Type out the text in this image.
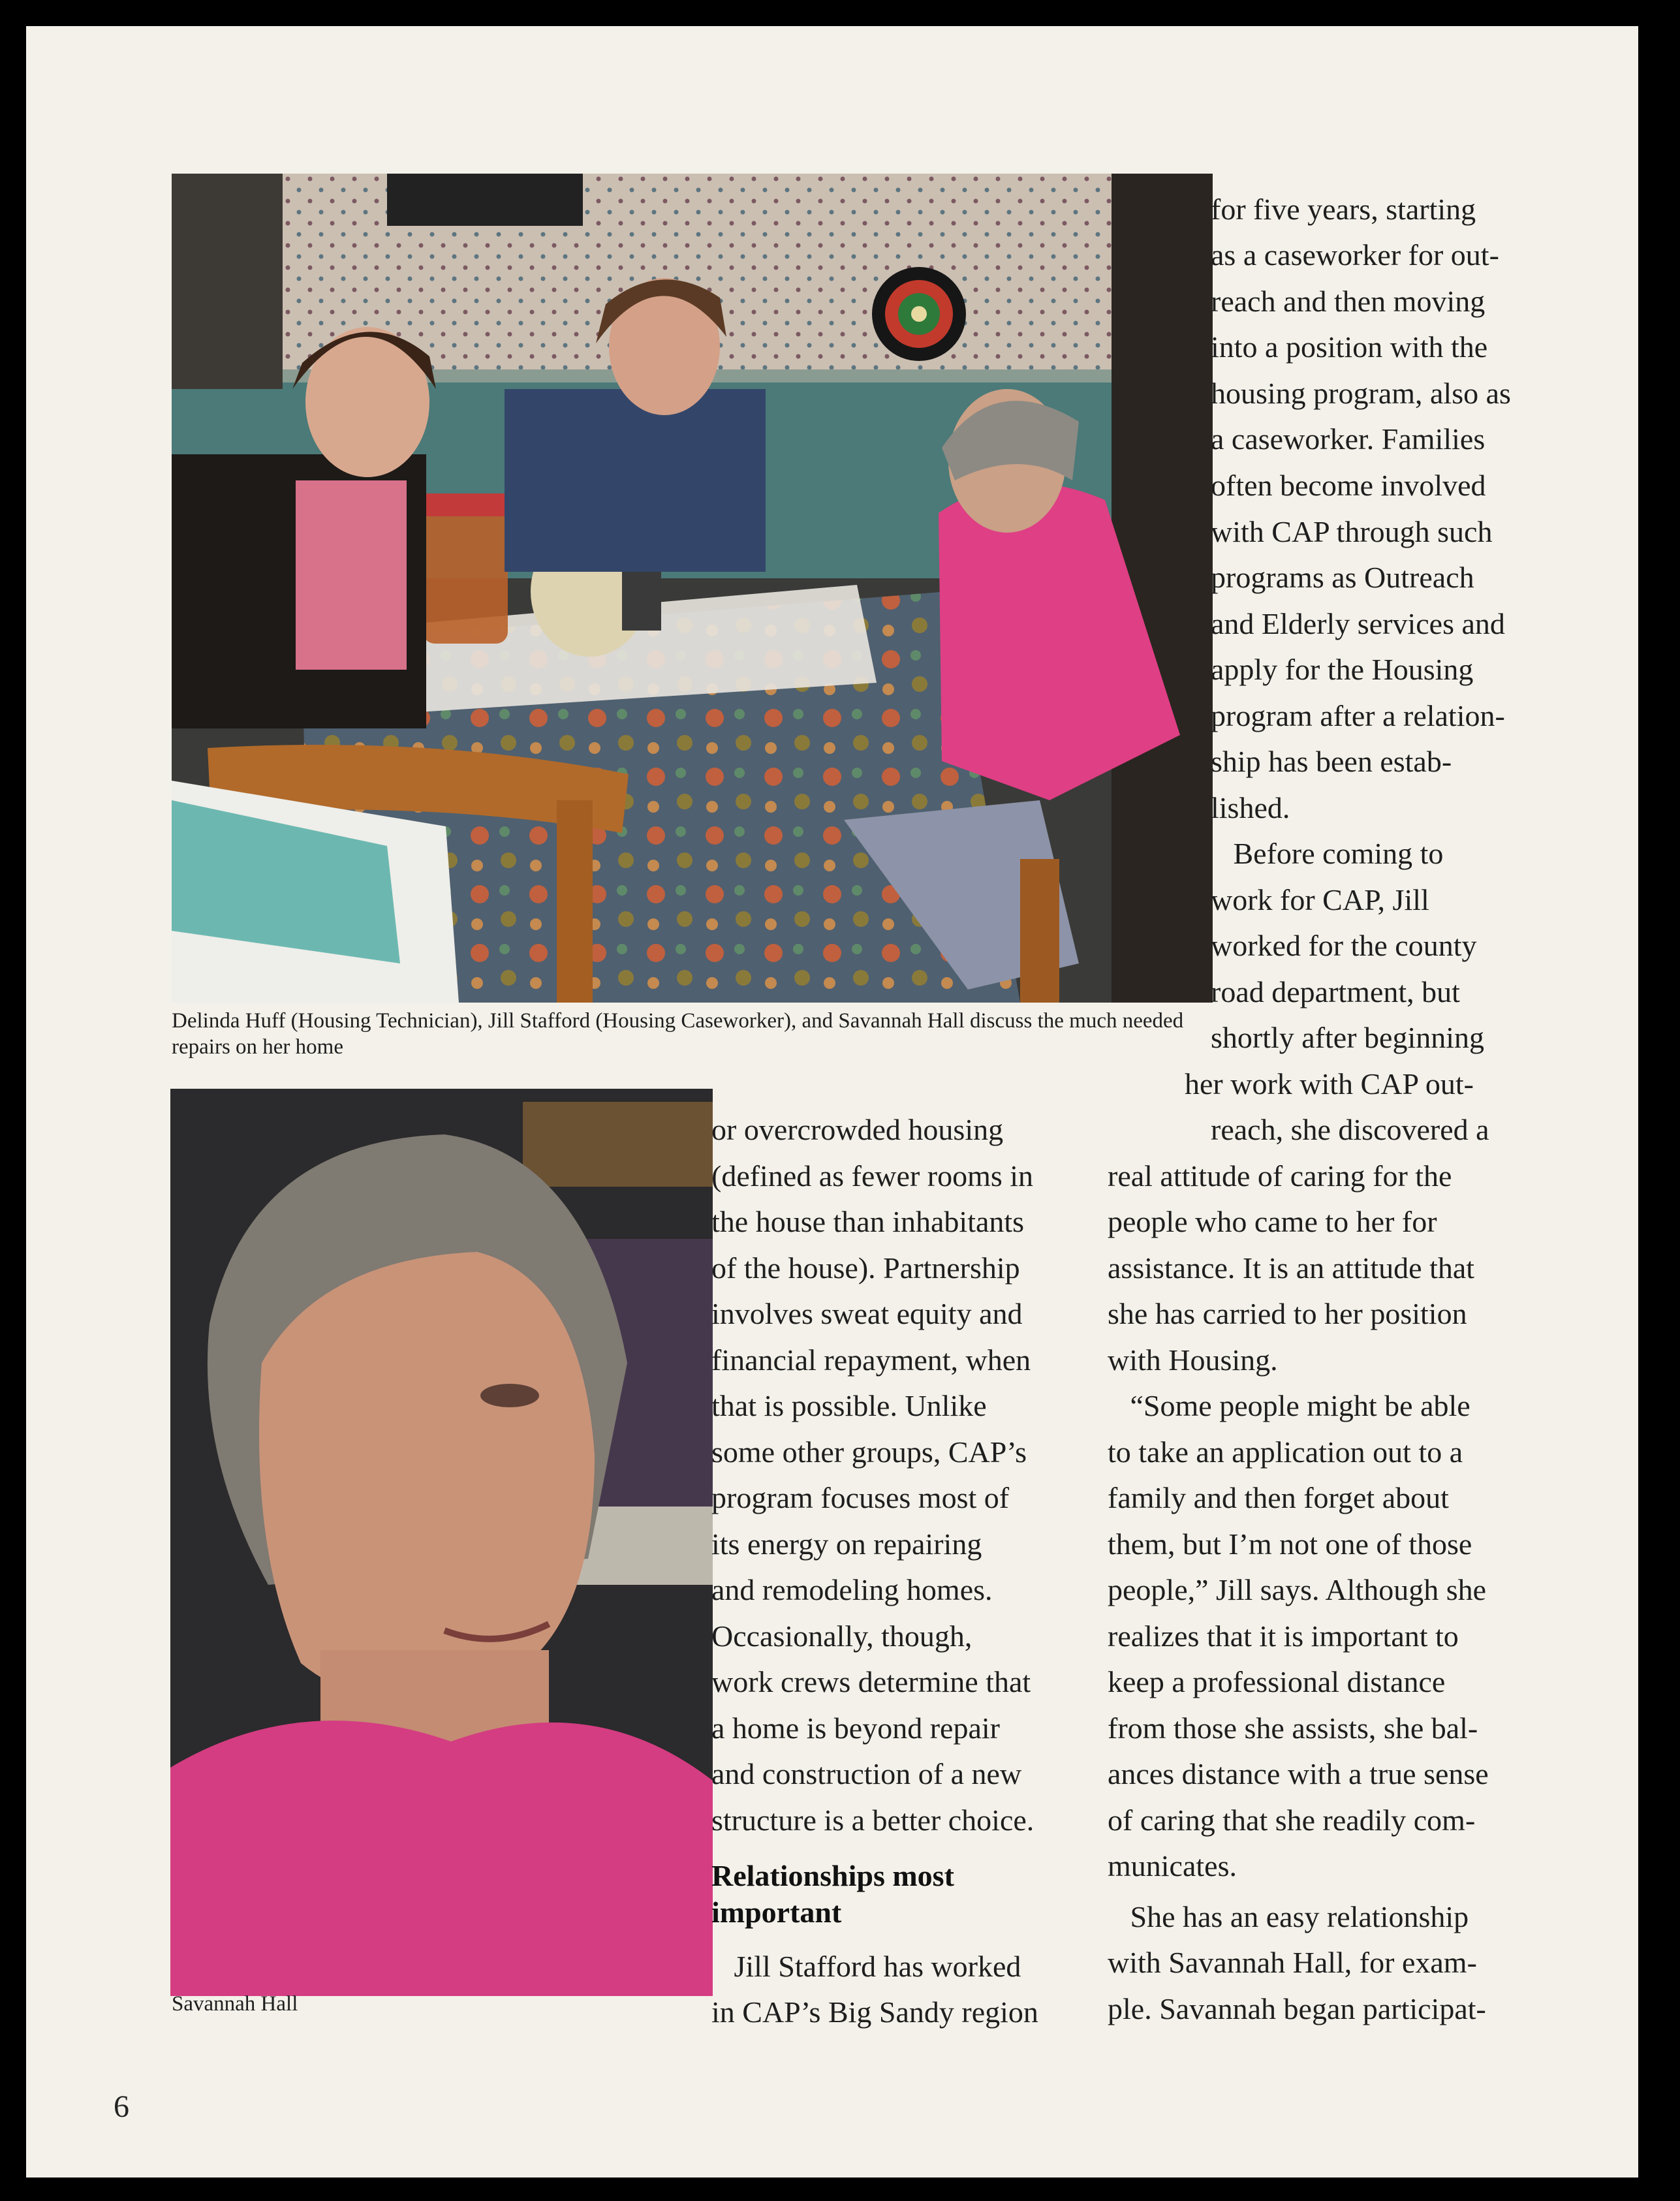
Delinda Huff (Housing Technician), Jill Stafford (Housing Caseworker), and Savannah Hall discuss the much needed repairs on her home
Savannah Hall
for five years, starting
as a caseworker for out-
reach and then moving
into a position with the
housing program, also as
a caseworker. Families
often become involved
with CAP through such
programs as Outreach
and Elderly services and
apply for the Housing
program after a relation-
ship has been estab-
lished.
Before coming to
work for CAP, Jill
worked for the county
road department, but
shortly after beginning
her work with CAP out-
reach, she discovered a
or overcrowded housing
(defined as fewer rooms in
the house than inhabitants
of the house). Partnership
involves sweat equity and
financial repayment, when
that is possible. Unlike
some other groups, CAP’s
program focuses most of
its energy on repairing
and remodeling homes.
Occasionally, though,
work crews determine that
a home is beyond repair
and construction of a new
structure is a better choice.
Relationships most important
Jill Stafford has worked
in CAP’s Big Sandy region
real attitude of caring for the
people who came to her for
assistance. It is an attitude that
she has carried to her position
with Housing.
“Some people might be able
to take an application out to a
family and then forget about
them, but I’m not one of those
people,” Jill says. Although she
realizes that it is important to
keep a professional distance
from those she assists, she bal-
ances distance with a true sense
of caring that she readily com-
municates.
She has an easy relationship
with Savannah Hall, for exam-
ple. Savannah began participat-
6
